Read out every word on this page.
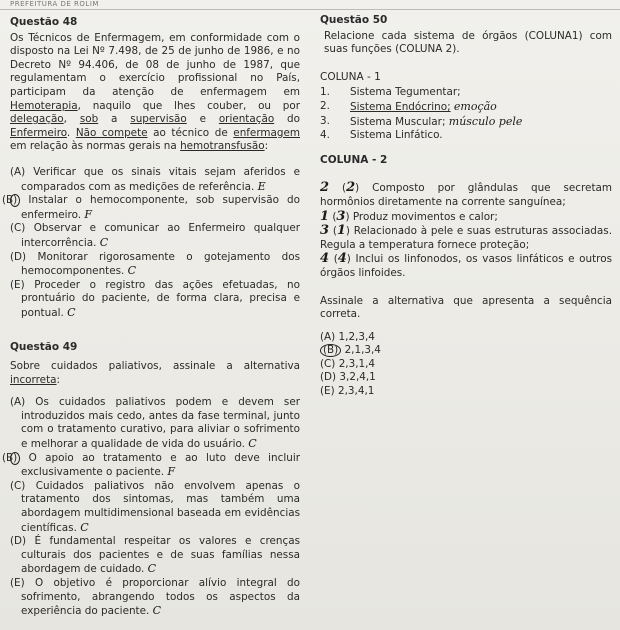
PREFEITURA DE ROLIM
Questão 48
Os Técnicos de Enfermagem, em conformidade com o disposto na Lei Nº 7.498, de 25 de junho de 1986, e no Decreto Nº 94.406, de 08 de junho de 1987, que regulamentam o exercício profissional no País, participam da atenção de enfermagem em Hemoterapia, naquilo que lhes couber, ou por delegação, sob a supervisão e orientação do Enfermeiro. Não compete ao técnico de enfermagem em relação às normas gerais na hemotransfusão:
(A) Verificar que os sinais vitais sejam aferidos e comparados com as medições de referência. E
(B) Instalar o hemocomponente, sob supervisão do enfermeiro. F
(C) Observar e comunicar ao Enfermeiro qualquer intercorrência. C
(D) Monitorar rigorosamente o gotejamento dos hemocomponentes. C
(E) Proceder o registro das ações efetuadas, no prontuário do paciente, de forma clara, precisa e pontual. C
Questão 49
Sobre cuidados paliativos, assinale a alternativa incorreta:
(A) Os cuidados paliativos podem e devem ser introduzidos mais cedo, antes da fase terminal, junto com o tratamento curativo, para aliviar o sofrimento e melhorar a qualidade de vida do usuário. C
(B) O apoio ao tratamento e ao luto deve incluir exclusivamente o paciente. F
(C) Cuidados paliativos não envolvem apenas o tratamento dos sintomas, mas também uma abordagem multidimensional baseada em evidências científicas. C
(D) É fundamental respeitar os valores e crenças culturais dos pacientes e de suas famílias nessa abordagem de cuidado. C
(E) O objetivo é proporcionar alívio integral do sofrimento, abrangendo todos os aspectos da experiência do paciente. C
Questão 50
Relacione cada sistema de órgãos (COLUNA1) com suas funções (COLUNA 2).
COLUNA - 1
1.	Sistema Tegumentar;
2.	Sistema Endócrino; emoção
3.	Sistema Muscular; músculo pele
4.	Sistema Linfático.
COLUNA - 2
2 (2) Composto por glândulas que secretam hormônios diretamente na corrente sanguínea;
1 (3) Produz movimentos e calor;
3 (1) Relacionado à pele e suas estruturas associadas. Regula a temperatura fornece proteção;
4 (4) Inclui os linfonodos, os vasos linfáticos e outros órgãos linfoides.
Assinale a alternativa que apresenta a sequência correta.
(A) 1,2,3,4
(B) 2,1,3,4
(C) 2,3,1,4
(D) 3,2,4,1
(E) 2,3,4,1
